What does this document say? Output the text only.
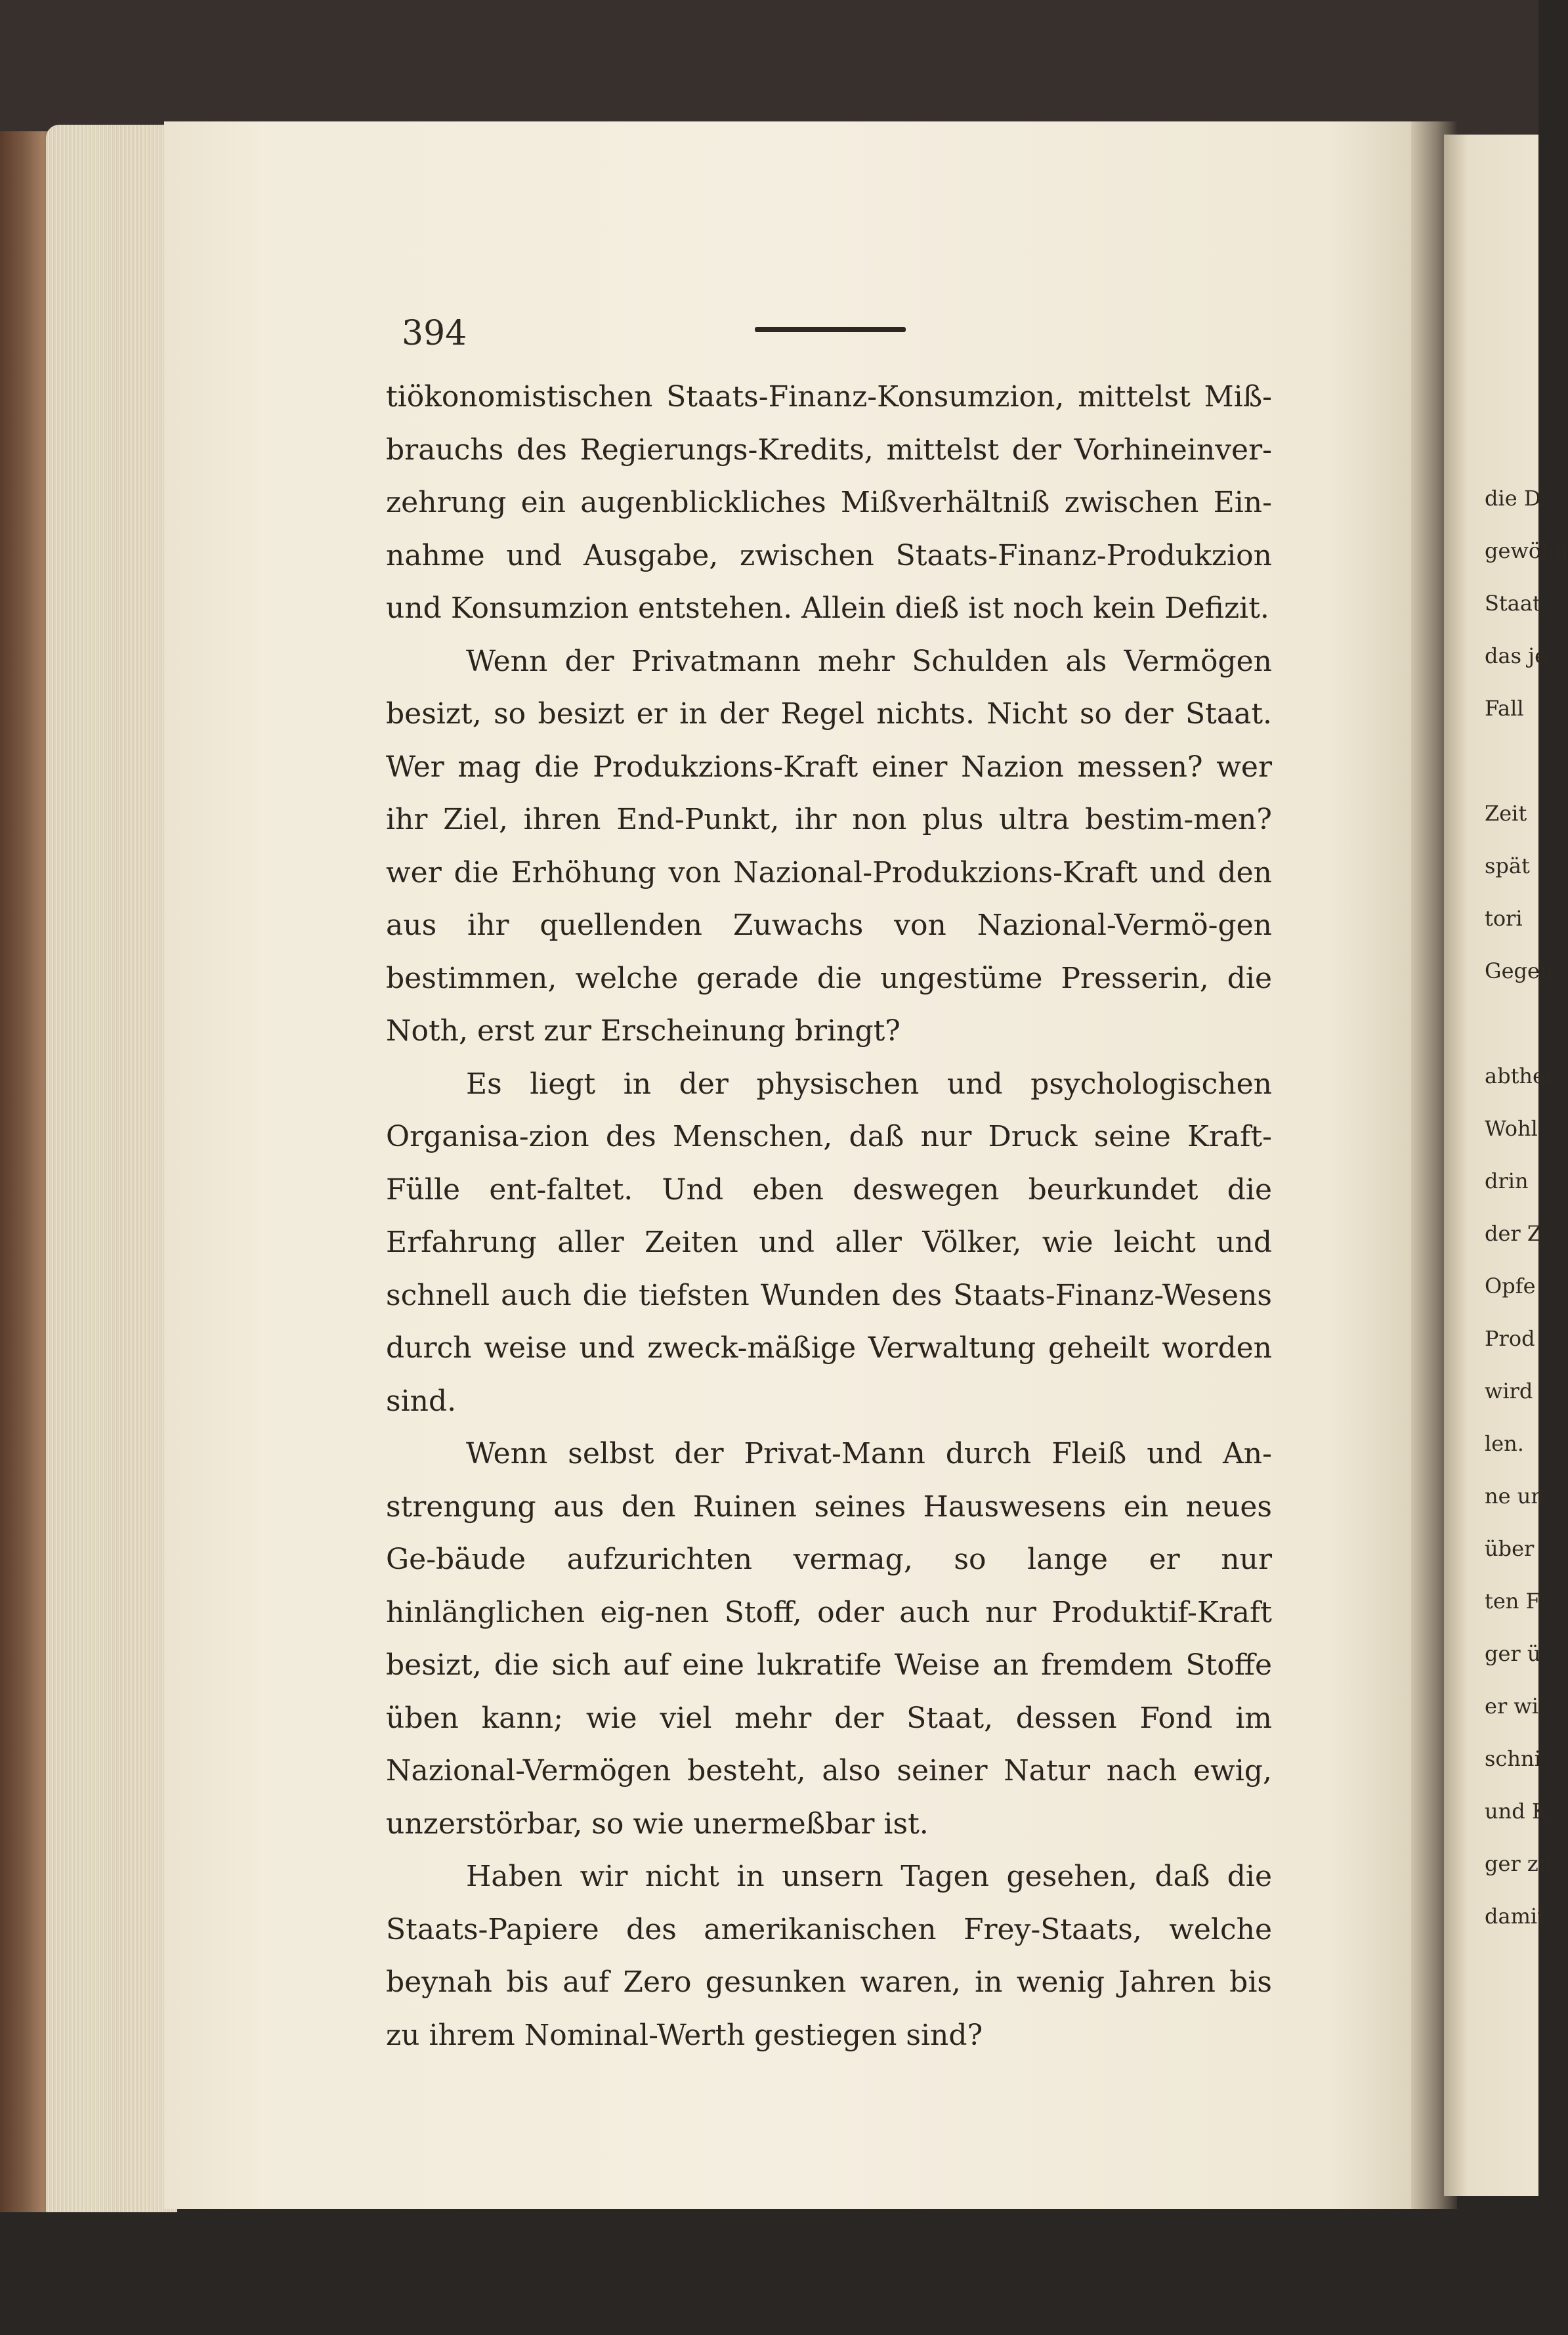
394

tiökonomistischen Staats-Finanz-Konsumzion, mittelst Miß-brauchs des Regierungs-Kredits, mittelst der Vorhineinver-zehrung ein augenblickliches Mißverhältniß zwischen Ein-nahme und Ausgabe, zwischen Staats-Finanz-Produkzion und Konsumzion entstehen. Allein dieß ist noch kein Defizit.

Wenn der Privatmann mehr Schulden als Vermögen besizt, so besizt er in der Regel nichts. Nicht so der Staat. Wer mag die Produkzions-Kraft einer Nazion messen? wer ihr Ziel, ihren End-Punkt, ihr non plus ultra bestim-men? wer die Erhöhung von Nazional-Produkzions-Kraft und den aus ihr quellenden Zuwachs von Nazional-Vermö-gen bestimmen, welche gerade die ungestüme Presserin, die Noth, erst zur Erscheinung bringt?

Es liegt in der physischen und psychologischen Organisa-zion des Menschen, daß nur Druck seine Kraft-Fülle ent-faltet. Und eben deswegen beurkundet die Erfahrung aller Zeiten und aller Völker, wie leicht und schnell auch die tiefsten Wunden des Staats-Finanz-Wesens durch weise und zweck-mäßige Verwaltung geheilt worden sind.

Wenn selbst der Privat-Mann durch Fleiß und An-strengung aus den Ruinen seines Hauswesens ein neues Ge-bäude aufzurichten vermag, so lange er nur hinlänglichen eig-nen Stoff, oder auch nur Produktif-Kraft besizt, die sich auf eine lukratife Weise an fremdem Stoffe üben kann; wie viel mehr der Staat, dessen Fond im Nazional-Vermögen besteht, also seiner Natur nach ewig, unzerstörbar, so wie unermeßbar ist.

Haben wir nicht in unsern Tagen gesehen, daß die Staats-Papiere des amerikanischen Frey-Staats, welche beynah bis auf Zero gesunken waren, in wenig Jahren bis zu ihrem Nominal-Werth gestiegen sind?

die D
gewöhn
Staat
das je
Fall
Zeit
spät
tori
Gegen
abthei
Wohl
drin
der Z
Opfe
Prod
wird
len.
ne un
über
ten F
ger ü
er wi
schni
und K
ger zu
damit
